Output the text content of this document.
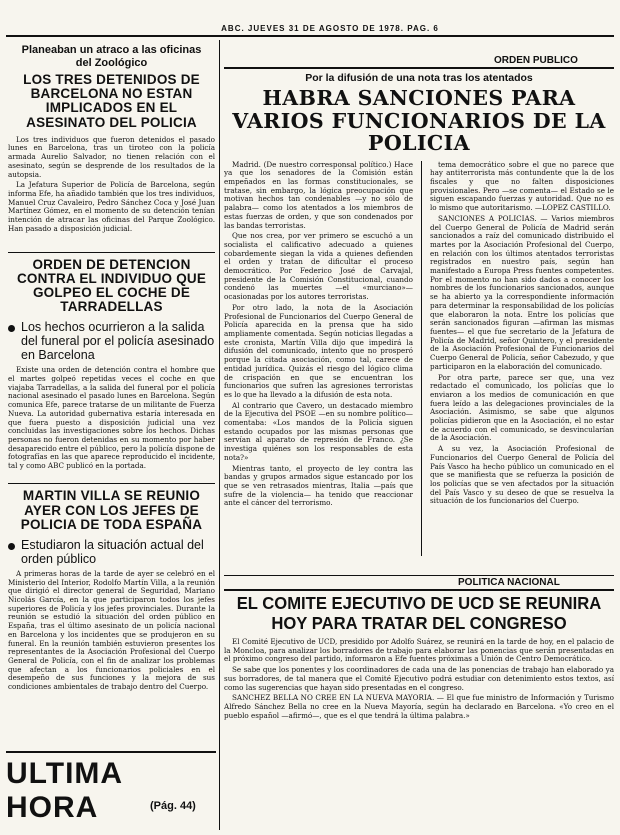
ABC. JUEVES 31 DE AGOSTO DE 1978. PAG. 6

Planeaban un atraco a las oficinas del Zoológico

LOS TRES DETENIDOS DE BARCELONA NO ESTAN IMPLICADOS EN EL ASESINATO DEL POLICIA

Los tres individuos que fueron detenidos el pasado lunes en Barcelona, tras un tiroteo con la policía armada Aurelio Salvador, no tienen relación con el asesinato, según se desprende de los resultados de la autopsia.

La Jefatura Superior de Policía de Barcelona, según informa Efe, ha añadido también que los tres individuos, Manuel Cruz Cavaleiro, Pedro Sánchez Coca y José Juan Martínez Gómez, en el momento de su detención tenían intención de atracar las oficinas del Parque Zoológico. Han pasado a disposición judicial.

ORDEN DE DETENCION CONTRA EL INDIVIDUO QUE GOLPEO EL COCHE DE TARRADELLAS

Los hechos ocurrieron a la salida del funeral por el policía asesinado en Barcelona

Existe una orden de detención contra el hombre que el martes golpeó repetidas veces el coche en que viajaba Tarradellas, a la salida del funeral por el policía nacional asesinado el pasado lunes en Barcelona. Según comunica Efe, parece tratarse de un militante de Fuerza Nueva. La autoridad gubernativa estaría interesada en que fuera puesto a disposición judicial una vez concluidas las investigaciones sobre los hechos. Dichas personas no fueron detenidas en su momento por haber desaparecido entre el público, pero la policía dispone de fotografías en las que aparece reproducido el incidente, tal y como ABC publicó en la portada.

MARTIN VILLA SE REUNIO AYER CON LOS JEFES DE POLICIA DE TODA ESPAÑA

Estudiaron la situación actual del orden público

A primeras horas de la tarde de ayer se celebró en el Ministerio del Interior, Rodolfo Martín Villa, a la reunión que dirigió el director general de Seguridad, Mariano Nicolás García, en la que participaron todos los jefes superiores de Policía y los jefes provinciales. Durante la reunión se estudió la situación del orden público en España, tras el último asesinato de un policía nacional en Barcelona y los incidentes que se produjeron en su funeral. En la reunión también estuvieron presentes los representantes de la Asociación Profesional del Cuerpo General de Policía, con el fin de analizar los problemas que afectan a los funcionarios policiales en el desempeño de sus funciones y la mejora de sus condiciones ambientales de trabajo dentro del Cuerpo.

ULTIMA HORA	(Pág. 44)
ORDEN PUBLICO

Por la difusión de una nota tras los atentados

HABRA SANCIONES PARA VARIOS FUNCIONARIOS DE LA POLICIA

Madrid. (De nuestro corresponsal político.) Hace ya que los senadores de la Comisión están empeñados en las formas constitucionales, se tratase, sin embargo, la lógica preocupación que motivan hechos tan condenables —y no sólo de palabra— como los atentados a los miembros de estas fuerzas de orden, y que son condenados por las bandas terroristas.

Que nos crea, por ver primero se escuchó a un socialista el calificativo adecuado a quienes cobardemente siegan la vida a quienes defienden el orden y tratan de dificultar el proceso democrático. Por Federico José de Carvajal, presidente de la Comisión Constitucional, cuando condenó las muertes —el «murciano»— ocasionadas por los autores terroristas.

Por otro lado, la nota de la Asociación Profesional de Funcionarios del Cuerpo General de Policía aparecida en la prensa que ha sido ampliamente comentada. Según noticias llegadas a este cronista, Martín Villa dijo que impedirá la difusión del comunicado, intento que no prosperó porque la citada asociación, como tal, carece de entidad jurídica. Quizás el riesgo del lógico clima de crispación en que se encuentran los funcionarios que sufren las agresiones terroristas es lo que ha llevado a la difusión de esta nota.

Al contrario que Cavero, un destacado miembro de la Ejecutiva del PSOE —en su nombre político— comentaba: «Los mandos de la Policía siguen estando ocupados por las mismas personas que servían al aparato de represión de Franco. ¿Se investiga quiénes son los responsables de esta nota?»

Mientras tanto, el proyecto de ley contra las bandas y grupos armados sigue estancado por los que se ven retrasados mientras, Italia —país que sufre de la violencia— ha tenido que reaccionar ante el cáncer del terrorismo.

tema democrático sobre el que no parece que hay antiterrorista más contundente que la de los fiscales y que no falten disposiciones provisionales. Pero —se comenta— el Estado se le siguen escapando fuerzas y autoridad. Que no es lo mismo que autoritarismo. —LOPEZ CASTILLO.

SANCIONES A POLICIAS. — Varios miembros del Cuerpo General de Policía de Madrid serán sancionados a raíz del comunicado distribuido el martes por la Asociación Profesional del Cuerpo, en relación con los últimos atentados terroristas registrados en nuestro país, según han manifestado a Europa Press fuentes competentes. Por el momento no han sido dados a conocer los nombres de los funcionarios sancionados, aunque se ha abierto ya la correspondiente información para determinar la responsabilidad de los policías que elaboraron la nota. Entre los policías que serán sancionados figuran —afirman las mismas fuentes— el que fue secretario de la Jefatura de Policía de Madrid, señor Quintero, y el presidente de la Asociación Profesional de Funcionarios del Cuerpo General de Policía, señor Cabezudo, y que participaron en la elaboración del comunicado.

Por otra parte, parece ser que, una vez redactado el comunicado, los policías que lo enviaron a los medios de comunicación en que fuera leído a las delegaciones provinciales de la Asociación. Asimismo, se sabe que algunos policías pidieron que en la Asociación, el no estar de acuerdo con el comunicado, se desvincularían de la Asociación.

A su vez, la Asociación Profesional de Funcionarios del Cuerpo General de Policía del País Vasco ha hecho público un comunicado en el que se manifiesta que se refuerza la posición de los policías que se ven afectados por la situación del País Vasco y su deseo de que se resuelva la situación de los funcionarios del Cuerpo.

POLITICA NACIONAL

EL COMITE EJECUTIVO DE UCD SE REUNIRA HOY PARA TRATAR DEL CONGRESO

El Comité Ejecutivo de UCD, presidido por Adolfo Suárez, se reunirá en la tarde de hoy, en el palacio de la Moncloa, para analizar los borradores de trabajo para elaborar las ponencias que serán presentadas en el próximo congreso del partido, informaron a Efe fuentes próximas a Unión de Centro Democrático.

Se sabe que los ponentes y los coordinadores de cada una de las ponencias de trabajo han elaborado ya sus borradores, de tal manera que el Comité Ejecutivo podrá estudiar con detenimiento estos textos, así como las sugerencias que hayan sido presentadas en el congreso.

SANCHEZ BELLA NO CREE EN LA NUEVA MAYORIA. — El que fue ministro de Información y Turismo Alfredo Sánchez Bella no cree en la Nueva Mayoría, según ha declarado en Barcelona. «Yo creo en el pueblo español —afirmó—, que es el que tendrá la última palabra.»
